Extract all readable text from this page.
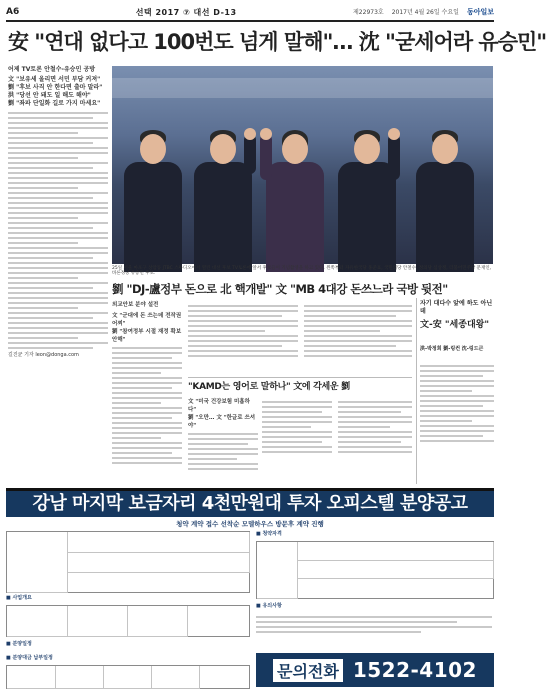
A6	선택 2017 ⑦ 대선 D-13	제22973호 2017년 4월 26일 수요일 동아일보
安 "연대 없다고 100번도 넘게 말해"… 沈 "굳세어라 유승민"
어제 TV토론 안철수-유승민 공방
文 "보유세 올리면 서민 부담 커져"
劉 "후보 사직 안 한다면 출마 말라"
洪 "당선 안 돼도 일 해도 해야"
劉 "좌파 단일화 길로 가지 마세요"
길진균 기자 leon@donga.com
25일 서울 마포구 상암동 JTBC 스튜디오에서 열린 대선 후보 TV토론에 앞서 후보들이 기념촬영을 하고 있다. 왼쪽부터 자유한국당 홍준표, 국민의당 안철수, 정의당 심상정, 더불어민주당 문재인, 바른정당 유승민 후보.
劉 "DJ-盧정부 돈으로 北 핵개발" 文 "MB 4대강 돈쓰느라 국방 뒷전"
외교안보 분야 설전
文 "군대에 돈 쓰는데 전작권 어찌"
劉 "참여정부 시절 재정 확보 안해"
"KAMD는 영어로 말하나" 文에 각세운 劉
文 "미국 건강보험 미흡하다"
劉 "오만… 文 "한글로 쓰셔야"
자기 대다수 앞에 하도 아닌데
文-安 "세종대왕"
洪-박정희 劉-링컨 沈-링드큰
강남 마지막 보금자리 4천만원대 투자 오피스텔 분양공고
청약 계약 접수 선착순 모델하우스 방문후 계약 진행
■ 사업개요
■ 분양일정
■ 분양대금 납부일정
■ 청약자격
■ 유의사항
문의전화 1522-4102
